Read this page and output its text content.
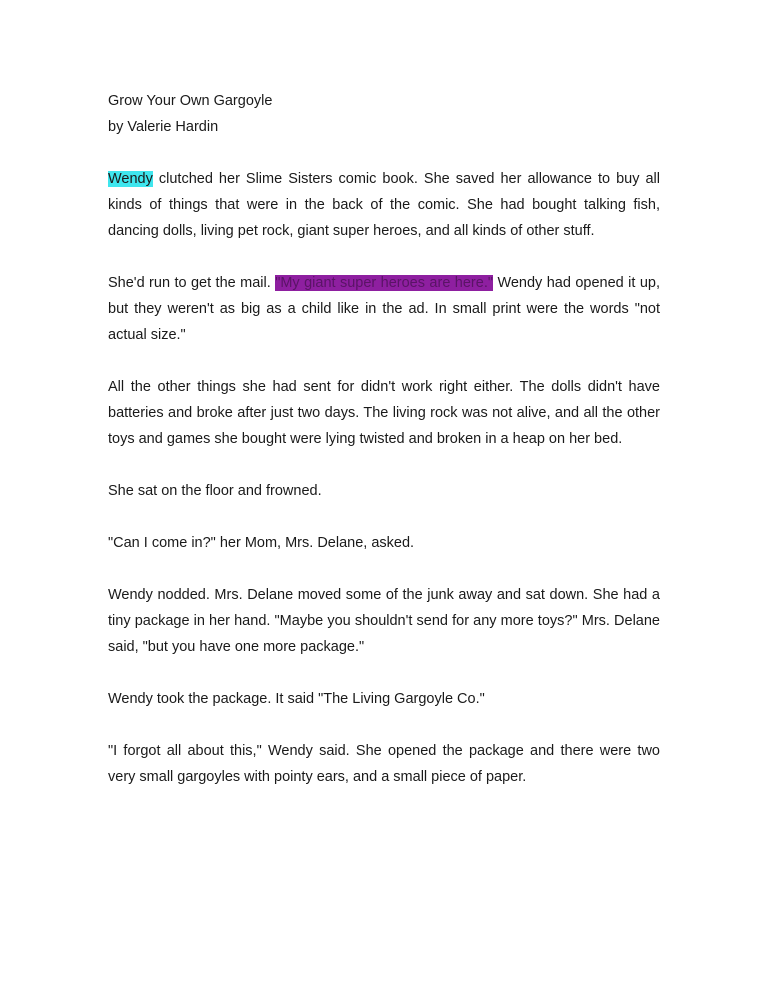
Grow Your Own Gargoyle

by Valerie Hardin

Wendy clutched her Slime Sisters comic book. She saved her allowance to buy all kinds of things that were in the back of the comic. She had bought talking fish, dancing dolls, living pet rock, giant super heroes, and all kinds of other stuff.

She'd run to get the mail. "My giant super heroes are here." Wendy had opened it up, but they weren't as big as a child like in the ad. In small print were the words "not actual size."

All the other things she had sent for didn't work right either. The dolls didn't have batteries and broke after just two days. The living rock was not alive, and all the other toys and games she bought were lying twisted and broken in a heap on her bed.

She sat on the floor and frowned.

"Can I come in?" her Mom, Mrs. Delane, asked.

Wendy nodded. Mrs. Delane moved some of the junk away and sat down. She had a tiny package in her hand. "Maybe you shouldn't send for any more toys?" Mrs. Delane said, "but you have one more package."

Wendy took the package. It said "The Living Gargoyle Co."

"I forgot all about this," Wendy said. She opened the package and there were two very small gargoyles with pointy ears, and a small piece of paper.
